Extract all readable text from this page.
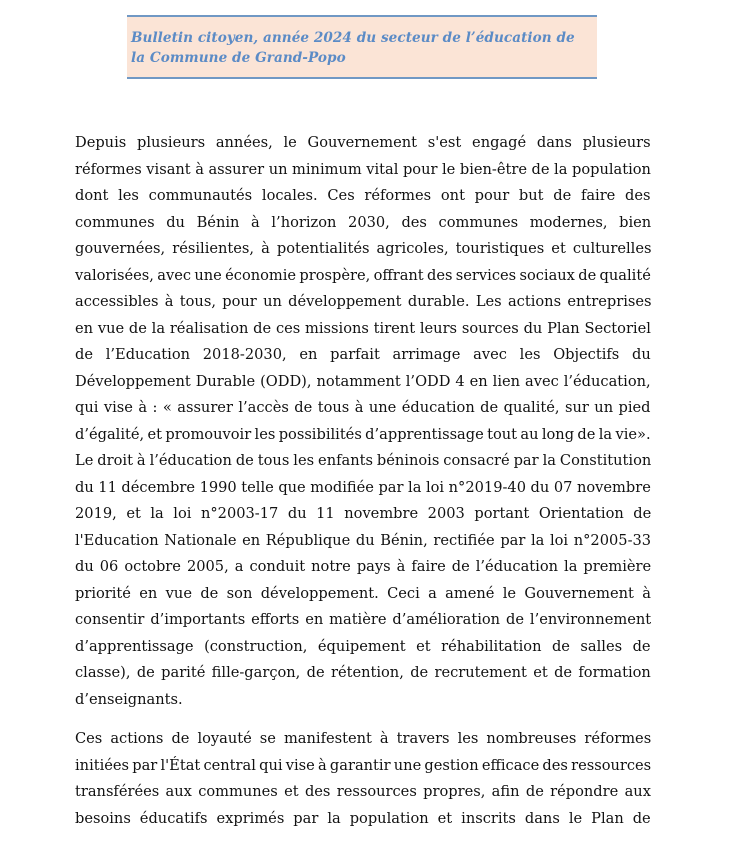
Bulletin citoyen, année 2024 du secteur de l’éducation de

la Commune de Grand-Popo

Depuis plusieurs années, le Gouvernement s'est engagé dans plusieurs
réformes visant à assurer un minimum vital pour le bien-être de la population
dont les communautés locales. Ces réformes ont pour but de faire des
communes du Bénin à l’horizon 2030, des communes modernes, bien
gouvernées, résilientes, à potentialités agricoles, touristiques et culturelles
valorisées, avec une économie prospère, offrant des services sociaux de qualité
accessibles à tous, pour un développement durable. Les actions entreprises
en vue de la réalisation de ces missions tirent leurs sources du Plan Sectoriel
de l’Education 2018-2030, en parfait arrimage avec les Objectifs du
Développement Durable (ODD), notamment l’ODD 4 en lien avec l’éducation,
qui vise à : « assurer l’accès de tous à une éducation de qualité, sur un pied
d’égalité, et promouvoir les possibilités d’apprentissage tout au long de la vie».
Le droit à l’éducation de tous les enfants béninois consacré par la Constitution
du 11 décembre 1990 telle que modifiée par la loi n°2019-40 du 07 novembre
2019, et la loi n°2003-17 du 11 novembre 2003 portant Orientation de
l'Education Nationale en République du Bénin, rectifiée par la loi n°2005-33
du 06 octobre 2005, a conduit notre pays à faire de l’éducation la première
priorité en vue de son développement. Ceci a amené le Gouvernement à
consentir d’importants efforts en matière d’amélioration de l’environnement
d’apprentissage (construction, équipement et réhabilitation de salles de
classe), de parité fille-garçon, de rétention, de recrutement et de formation
d’enseignants.

Ces actions de loyauté se manifestent à travers les nombreuses réformes
initiées par l'État central qui vise à garantir une gestion efficace des ressources
transférées aux communes et des ressources propres, afin de répondre aux
besoins éducatifs exprimés par la population et inscrits dans le Plan de
